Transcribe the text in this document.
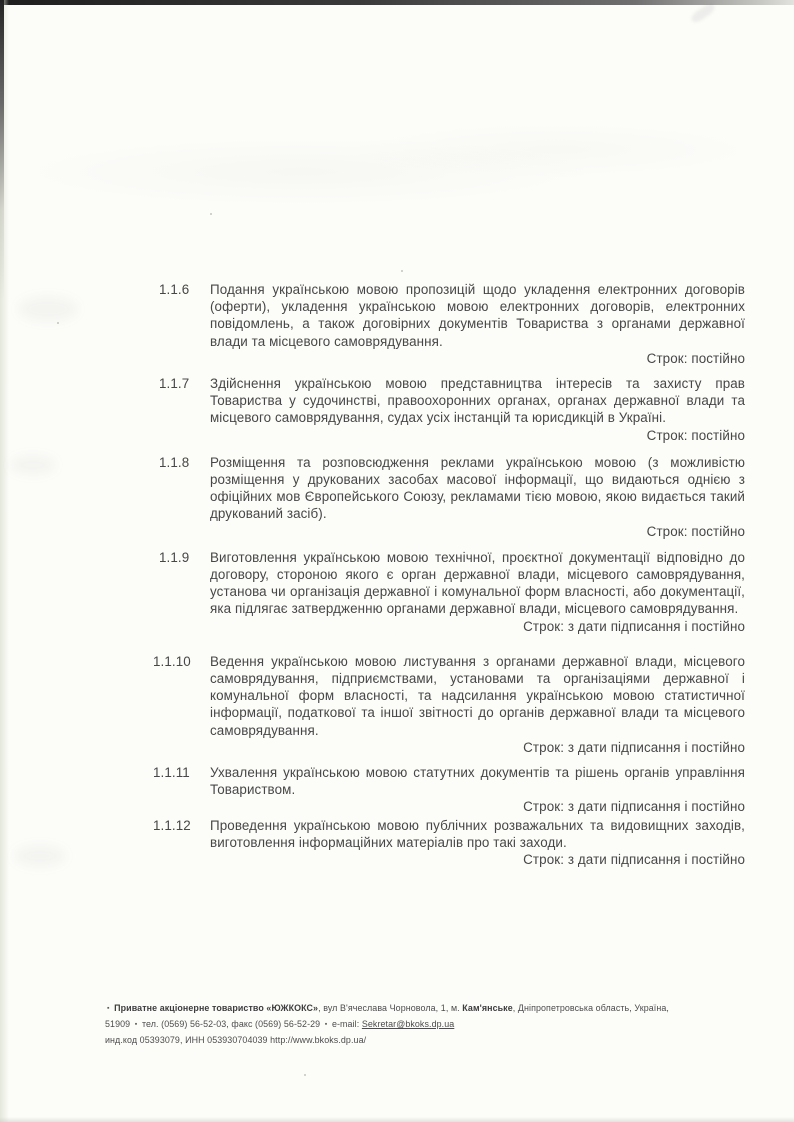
1.1.6	Подання українською мовою пропозицій щодо укладення електронних договорів (оферти), укладення українською мовою електронних договорів, електронних повідомлень, а також договірних документів Товариства з органами державної влади та місцевого самоврядування.

Строк: постійно

1.1.7	Здійснення українською мовою представництва інтересів та захисту прав Товариства у судочинстві, правоохоронних органах, органах державної влади та місцевого самоврядування, судах усіх інстанцій та юрисдикцій в Україні.

Строк: постійно

1.1.8	Розміщення та розповсюдження реклами українською мовою (з можливістю розміщення у друкованих засобах масової інформації, що видаються однією з офіційних мов Європейського Союзу, рекламами тією мовою, якою видається такий друкований засіб).

Строк: постійно

1.1.9	Виготовлення українською мовою технічної, проєктної документації відповідно до договору, стороною якого є орган державної влади, місцевого самоврядування, установа чи організація державної і комунальної форм власності, або документації, яка підлягає затвердженню органами державної влади, місцевого самоврядування.

Строк: з дати підписання і постійно

1.1.10	Ведення українською мовою листування з органами державної влади, місцевого самоврядування, підприємствами, установами та організаціями державної і комунальної форм власності, та надсилання українською мовою статистичної інформації, податкової та іншої звітності до органів державної влади та місцевого самоврядування.

Строк: з дати підписання і постійно

1.1.11	Ухвалення українською мовою статутних документів та рішень органів управління Товариством.

Строк: з дати підписання і постійно

1.1.12	Проведення українською мовою публічних розважальних та видовищних заходів, виготовлення інформаційних матеріалів про такі заходи.

Строк: з дати підписання і постійно

▪ Приватне акціонерне товариство «ЮЖКОКС», вул В'ячеслава Чорновола, 1, м. Кам'янське, Дніпропетровська область, Україна,

51909 ▪ тел. (0569) 56-52-03, факс (0569) 56-52-29 ▪ e-mail: Sekretar@bkoks.dp.ua

инд.код 05393079, ИНН 053930704039 http://www.bkoks.dp.ua/
